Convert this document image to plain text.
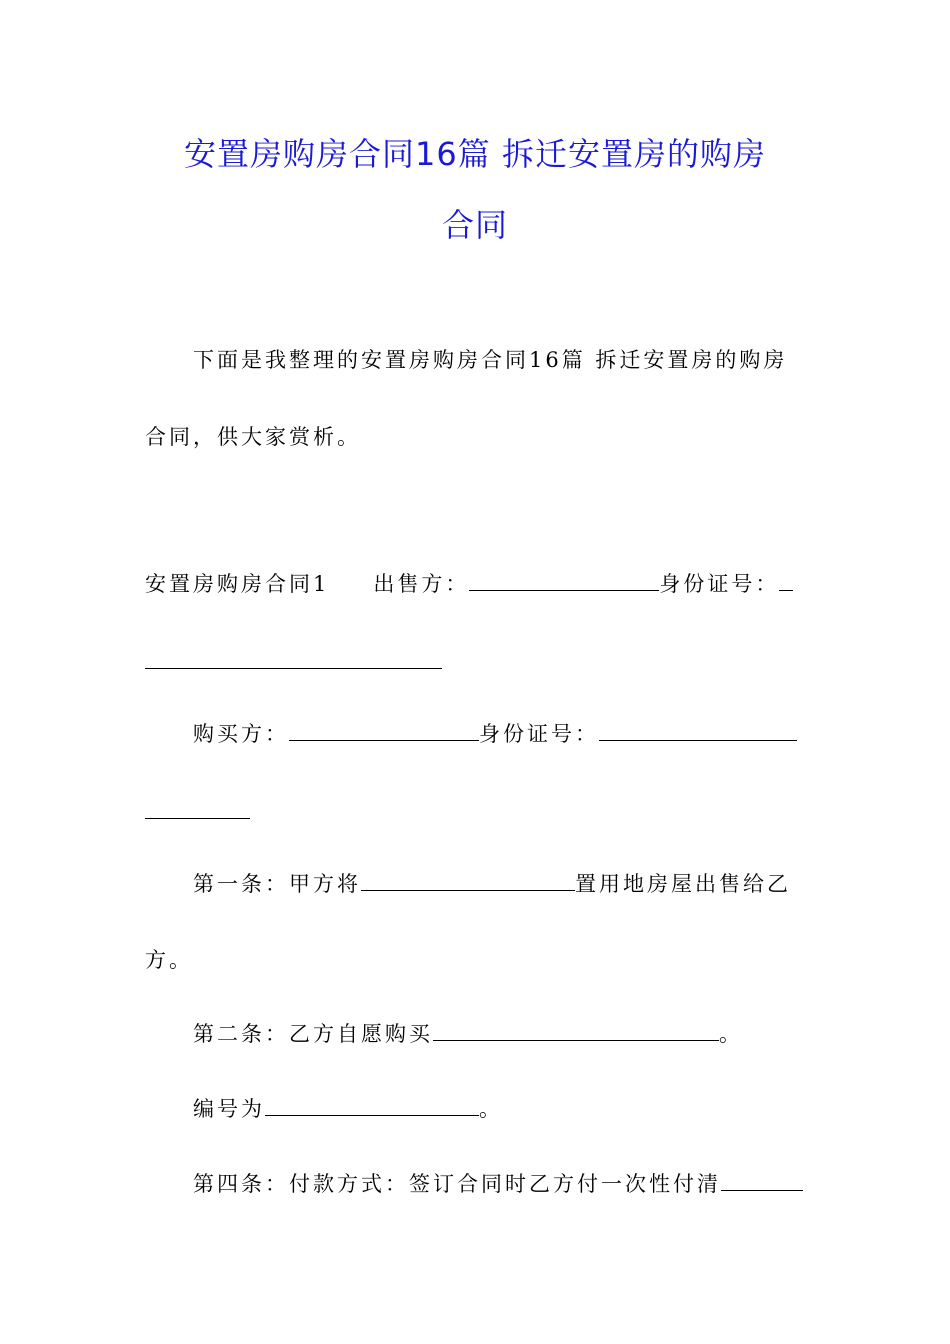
安置房购房合同16篇 拆迁安置房的购房
合同
下面是我整理的安置房购房合同16篇 拆迁安置房的购房
合同，供大家赏析。
安置房购房合同1 出售方：	身份证号：
购买方：	身份证号：
第一条：甲方将	置用地房屋出售给乙
方。
第二条：乙方自愿购买	。
编号为	。
第四条：付款方式：签订合同时乙方付一次性付清
